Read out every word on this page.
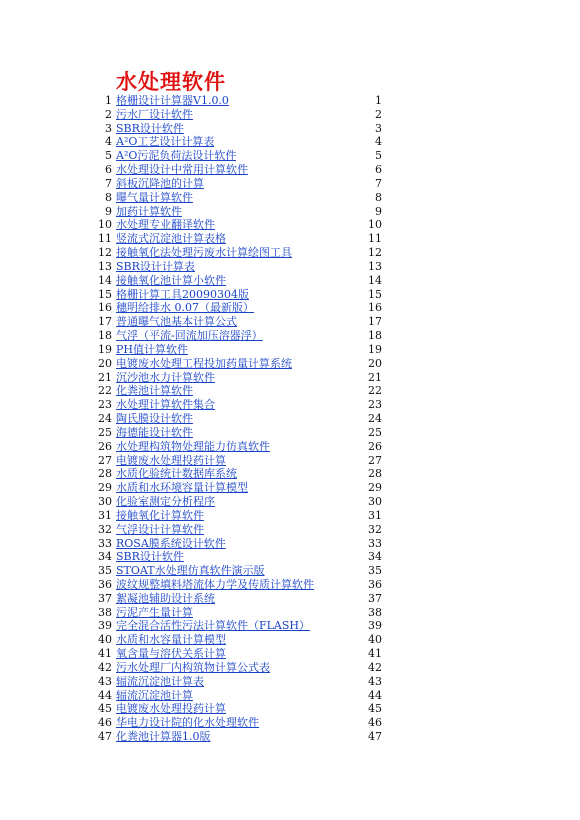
水处理软件
1 格栅设计计算器V1.0.0	1
2 污水厂设计软件	2
3 SBR设计软件	3
4 A²O工艺设计计算表	4
5 A²O污泥负荷法设计软件	5
6 水处理设计中常用计算软件	6
7 斜板沉降池的计算	7
8 曝气量计算软件	8
9 加药计算软件	9
10 水处理专业翻译软件	10
11 竖流式沉淀池计算表格	11
12 接触氧化法处理污废水计算绘图工具	12
13 SBR设计计算表	13
14 接触氧化池计算小软件	14
15 格栅计算工具20090304版	15
16 穗明给排水 0.07（最新版）	16
17 普通曝气池基本计算公式	17
18 气浮（平流-回流加压溶器浮）	18
19 PH值计算软件	19
20 电镀废水处理工程投加药量计算系统	20
21 沉沙池水力计算软件	21
22 化粪池计算软件	22
23 水处理计算软件集合	23
24 陶氏膜设计软件	24
25 海德能设计软件	25
26 水处理构筑物处理能力仿真软件	26
27 电镀废水处理投药计算	27
28 水质化验统计数据库系统	28
29 水质和水环境容量计算模型	29
30 化验室测定分析程序	30
31 接触氧化计算软件	31
32 气浮设计计算软件	32
33 ROSA膜系统设计软件	33
34 SBR设计软件	34
35 STOAT水处理仿真软件演示版	35
36 波纹规整填料塔流体力学及传质计算软件	36
37 絮凝池辅助设计系统	37
38 污泥产生量计算	38
39 完全混合活性污法计算软件（FLASH）	39
40 水质和水容量计算模型	40
41 氧含量与溶伏关系计算	41
42 污水处理厂内构筑物计算公式表	42
43 辐流沉淀池计算表	43
44 辐流沉淀池计算	44
45 电镀废水处理投药计算	45
46 华电力设计院的化水处理软件	46
47 化粪池计算器1.0版	47
